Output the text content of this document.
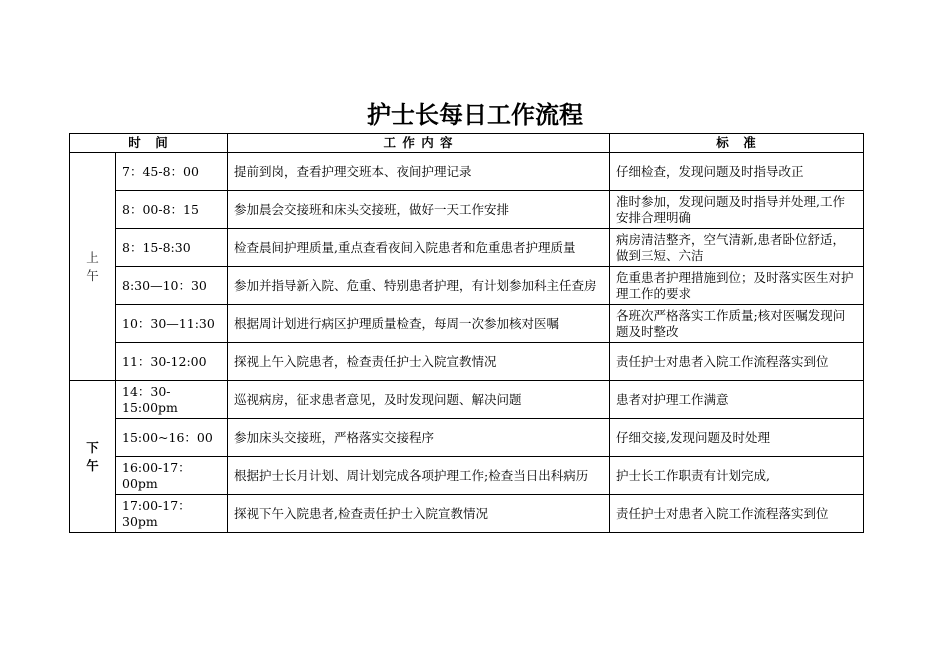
护士长每日工作流程
时　间		工 作 内 容	标　准
上午	7：45-8：00	提前到岗，查看护理交班本、夜间护理记录	仔细检查，发现问题及时指导改正
	8：00-8：15	参加晨会交接班和床头交接班，做好一天工作安排	准时参加，发现问题及时指导并处理,工作安排合理明确
	8：15-8:30	检查晨间护理质量,重点查看夜间入院患者和危重患者护理质量	病房清洁整齐，空气清新,患者卧位舒适，做到三短、六洁
	8:30—10：30	参加并指导新入院、危重、特别患者护理，有计划参加科主任查房	危重患者护理措施到位；及时落实医生对护理工作的要求
	10：30—11:30	根据周计划进行病区护理质量检查，每周一次参加核对医嘱	各班次严格落实工作质量;核对医嘱发现问题及时整改
	11：30-12:00	探视上午入院患者，检查责任护士入院宣教情况	责任护士对患者入院工作流程落实到位
下午	14：30-15:00pm	巡视病房，征求患者意见，及时发现问题、解决问题	患者对护理工作满意
	15:00~16：00	参加床头交接班，严格落实交接程序	仔细交接,发现问题及时处理
	16:00-17：00pm	根据护士长月计划、周计划完成各项护理工作;检查当日出科病历	护士长工作职责有计划完成,
	17:00-17：30pm	探视下午入院患者,检查责任护士入院宣教情况	责任护士对患者入院工作流程落实到位
